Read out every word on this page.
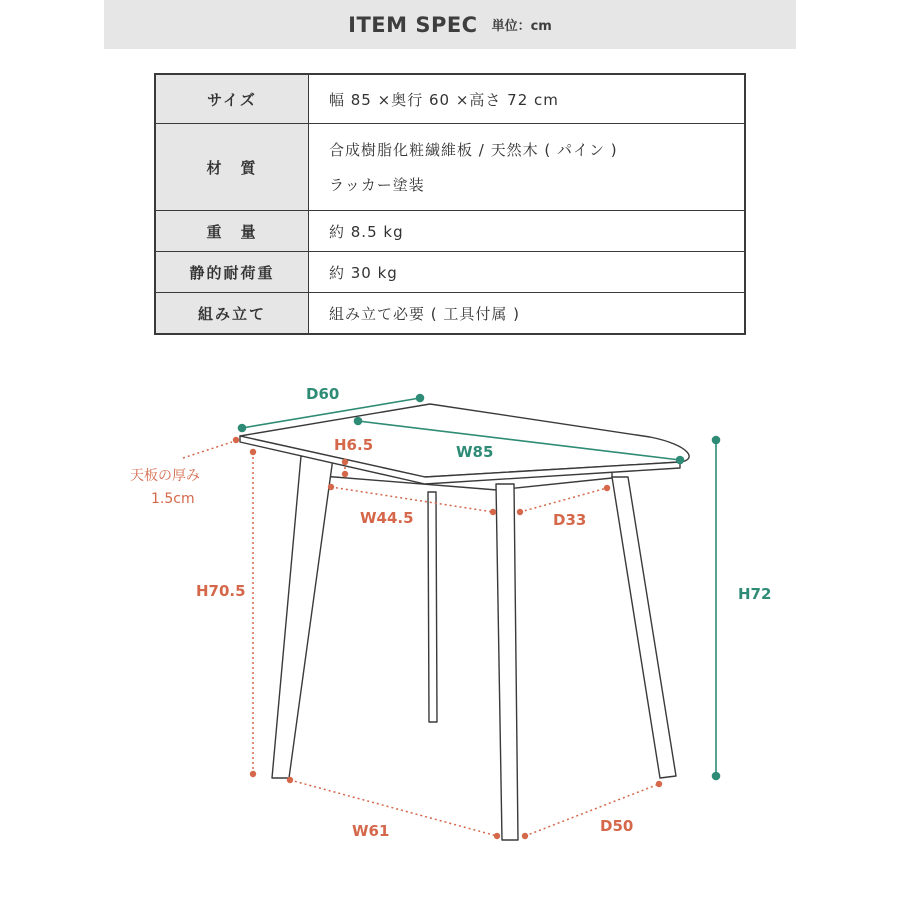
ITEM SPEC 単位：cm
サイズ	幅 85 ×奥行 60 ×高さ 72 cm
材　質	合成樹脂化粧繊維板 / 天然木 ( パイン )
ラッカー塗装

重　量	約 8.5 kg
静的耐荷重	約 30 kg
組み立て	組み立て必要 ( 工具付属 )
D60
W85
H72
H6.5
天板の厚み
1.5cm
H70.5
W44.5	D33
W61	D50
